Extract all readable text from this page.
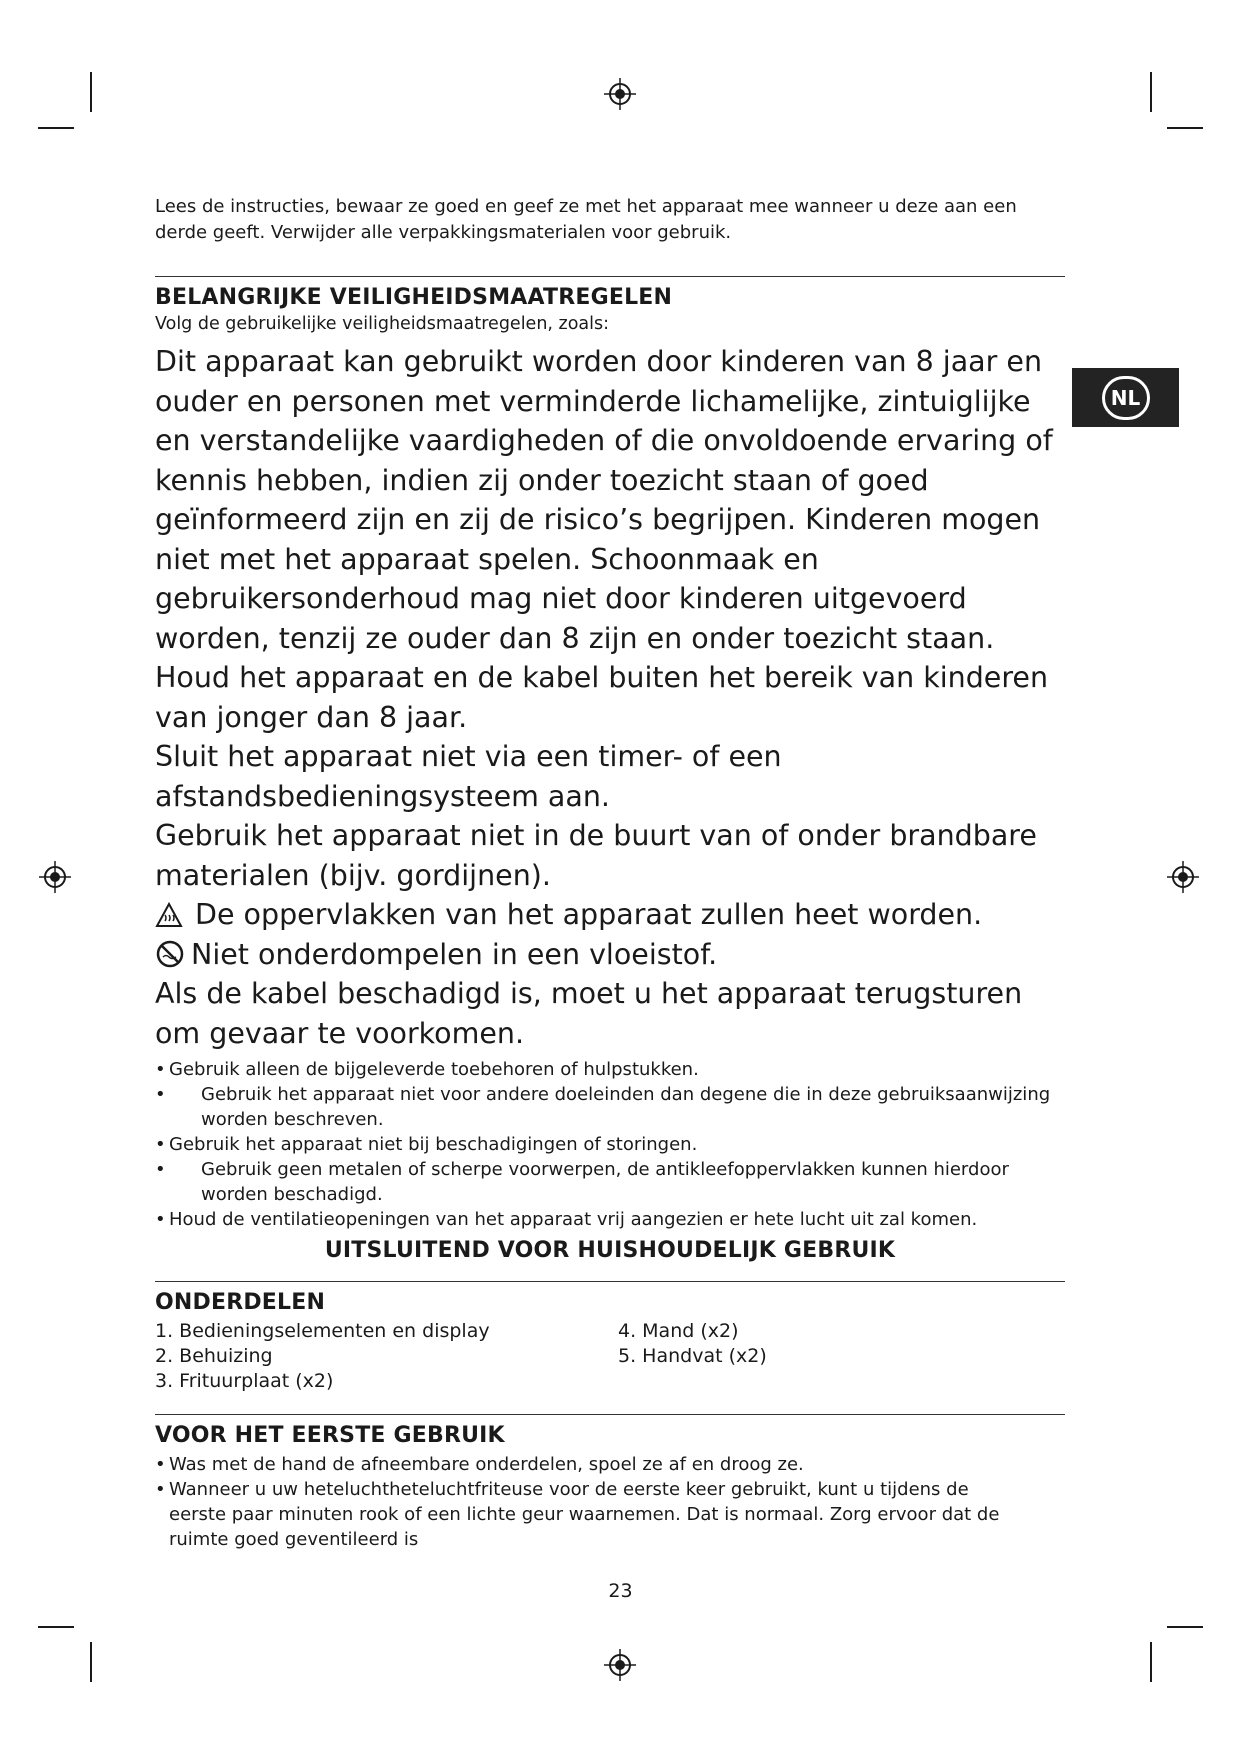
NL

Lees de instructies, bewaar ze goed en geef ze met het apparaat mee wanneer u deze aan een derde geeft. Verwijder alle verpakkingsmaterialen voor gebruik.

BELANGRIJKE VEILIGHEIDSMAATREGELEN

Volg de gebruikelijke veiligheidsmaatregelen, zoals:

Dit apparaat kan gebruikt worden door kinderen van 8 jaar en ouder en personen met verminderde lichamelijke, zintuiglijke en verstandelijke vaardigheden of die onvoldoende ervaring of kennis hebben, indien zij onder toezicht staan of goed geïnformeerd zijn en zij de risico’s begrijpen. Kinderen mogen niet met het apparaat spelen. Schoonmaak en gebruikersonderhoud mag niet door kinderen uitgevoerd worden, tenzij ze ouder dan 8 zijn en onder toezicht staan. Houd het apparaat en de kabel buiten het bereik van kinderen van jonger dan 8 jaar.

Sluit het apparaat niet via een timer- of een afstandsbedieningsysteem aan.

Gebruik het apparaat niet in de buurt van of onder brandbare materialen (bijv. gordijnen).

De oppervlakken van het apparaat zullen heet worden.

Niet onderdompelen in een vloeistof.

Als de kabel beschadigd is, moet u het apparaat terugsturen om gevaar te voorkomen.

• Gebruik alleen de bijgeleverde toebehoren of hulpstukken.
• Gebruik het apparaat niet voor andere doeleinden dan degene die in deze gebruiksaanwijzing worden beschreven.
• Gebruik het apparaat niet bij beschadigingen of storingen.
• Gebruik geen metalen of scherpe voorwerpen, de antikleefoppervlakken kunnen hierdoor worden beschadigd.
• Houd de ventilatieopeningen van het apparaat vrij aangezien er hete lucht uit zal komen.
UITSLUITEND VOOR HUISHOUDELIJK GEBRUIK
ONDERDELEN
1. Bedieningselementen en display
2. Behuizing
3. Frituurplaat (x2)
4. Mand (x2)
5. Handvat (x2)
VOOR HET EERSTE GEBRUIK
• Was met de hand de afneembare onderdelen, spoel ze af en droog ze.
• Wanneer u uw heteluchtheteluchtfriteuse voor de eerste keer gebruikt, kunt u tijdens de eerste paar minuten rook of een lichte geur waarnemen. Dat is normaal. Zorg ervoor dat de ruimte goed geventileerd is
23
